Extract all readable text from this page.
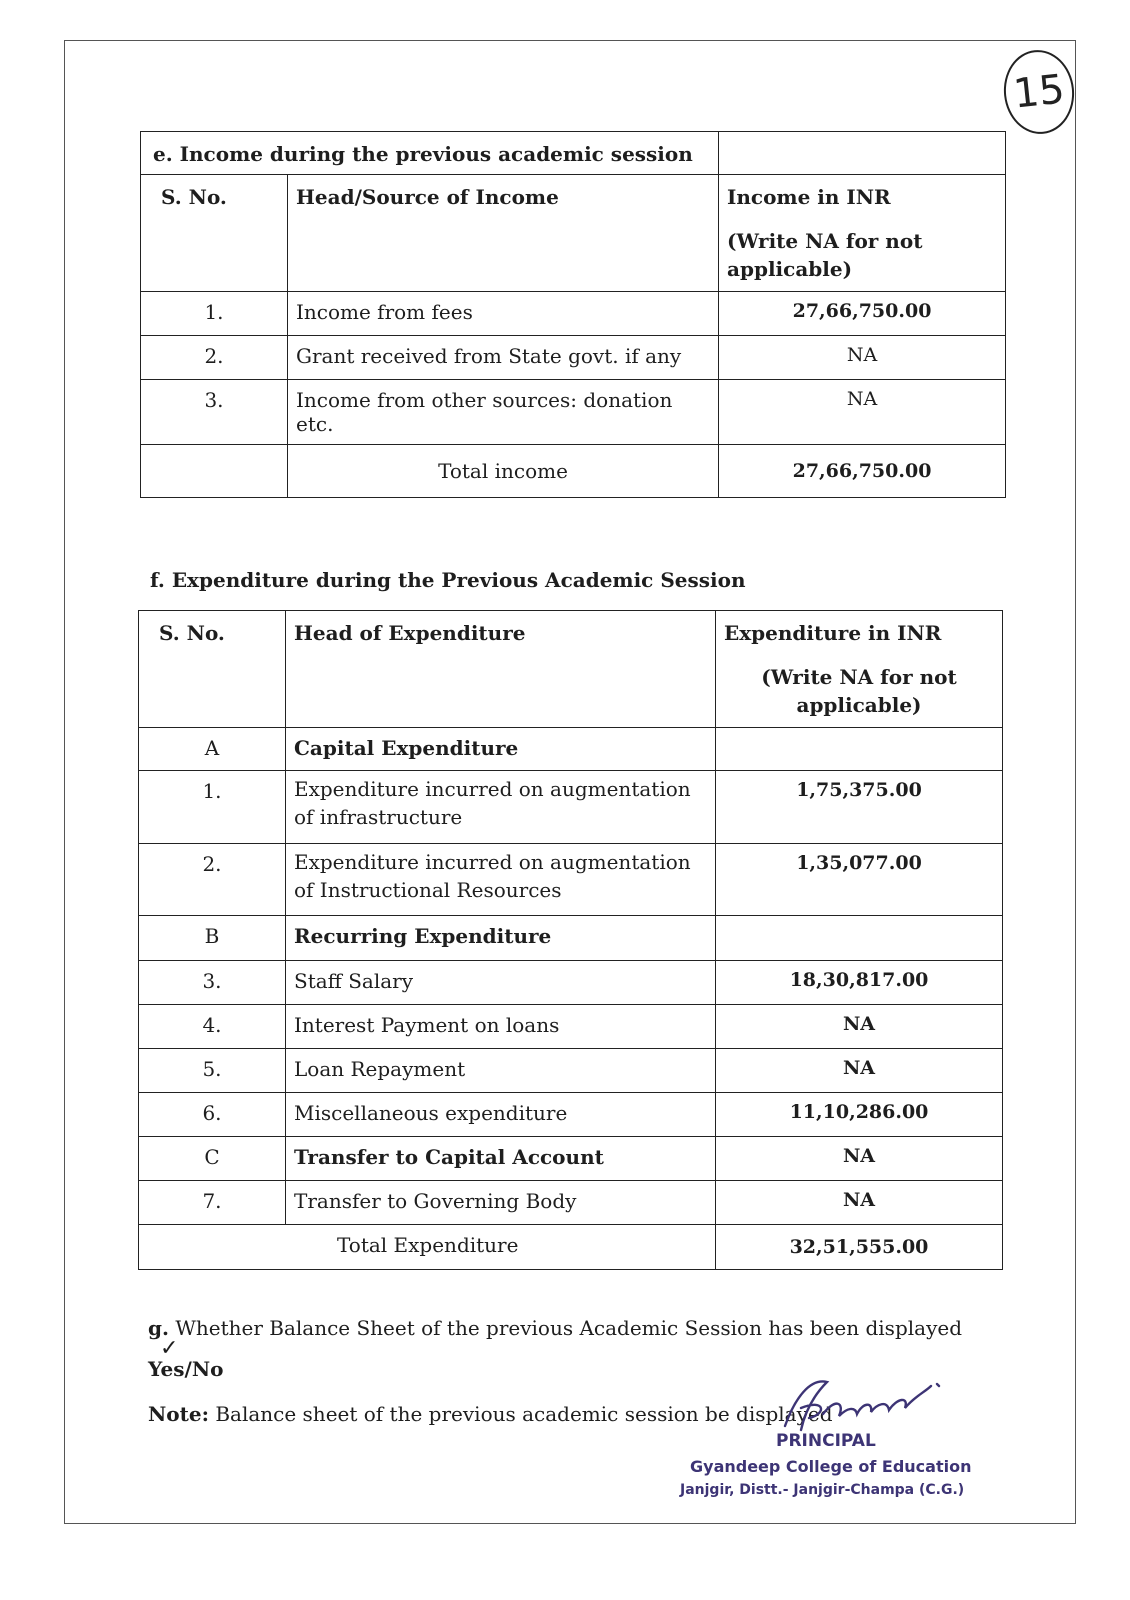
15
e. Income during the previous academic session		
S. No.	Head/Source of Income	Income in INR
(Write NA for not applicable)

1.	Income from fees	27,66,750.00
2.	Grant received from State govt. if any	NA
3.	Income from other sources: donation etc.	NA
	Total income	27,66,750.00
f. Expenditure during the Previous Academic Session
S. No.	Head of Expenditure	Expenditure in INR
(Write NA for not applicable)

A	Capital Expenditure	
1.	Expenditure incurred on augmentation of infrastructure	1,75,375.00
2.	Expenditure incurred on augmentation of Instructional Resources	1,35,077.00
B	Recurring Expenditure	
3.	Staff Salary	18,30,817.00
4.	Interest Payment on loans	NA
5.	Loan Repayment	NA
6.	Miscellaneous expenditure	11,10,286.00
C	Transfer to Capital Account	NA
7.	Transfer to Governing Body	NA
Total Expenditure		32,51,555.00
g. Whether Balance Sheet of the previous Academic Session has been displayed
✓
Yes/No
Note: Balance sheet of the previous academic session be displayed
PRINCIPAL
Gyandeep College of Education
Janjgir, Distt.- Janjgir-Champa (C.G.)
